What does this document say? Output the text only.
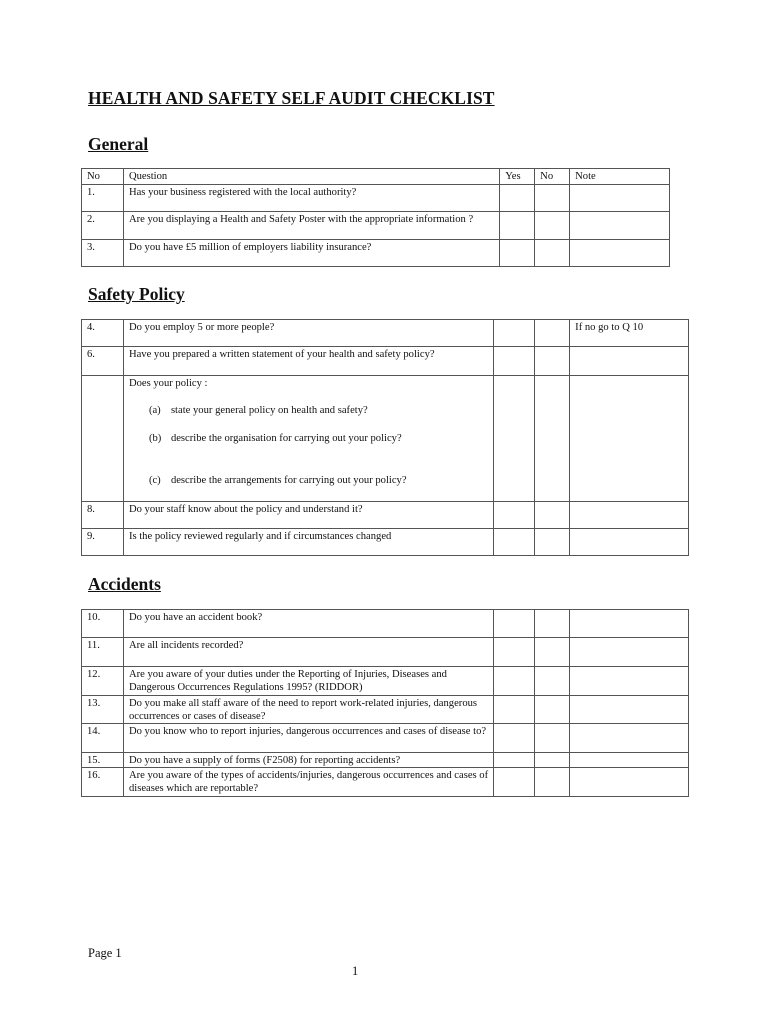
HEALTH AND SAFETY SELF AUDIT CHECKLIST
General
No	Question	Yes	No	Note
1.	Has your business registered with the local authority?			
2.	Are you displaying a Health and Safety Poster with the appropriate information ?			
3.	Do you have £5 million of employers liability insurance?			
Safety Policy
4.	Do you employ 5 or more people?			If no go to Q 10
6.	Have you prepared a written statement of your health and safety policy?			

	Does your policy :
(a) state your general policy on health and safety?
(b) describe the organisation for carrying out your policy?
(c) describe the arrangements for carrying out your policy?			

8.	Do your staff know about the policy and understand it?			
9.	Is the policy reviewed regularly and if circumstances changed			
Accidents
10.	Do you have an accident book?			
11.	Are all incidents recorded?			
12.	Are you aware of your duties under the Reporting of Injuries, Diseases and Dangerous Occurrences Regulations 1995? (RIDDOR)			
13.	Do you make all staff aware of the need to report work-related injuries, dangerous occurrences or cases of disease?			
14.	Do you know who to report injuries, dangerous occurrences and cases of disease to?			
15.	Do you have a supply of forms (F2508) for reporting accidents?			
16.	Are you aware of the types of accidents/injuries, dangerous occurrences and cases of diseases which are reportable?			
Page 1
1
